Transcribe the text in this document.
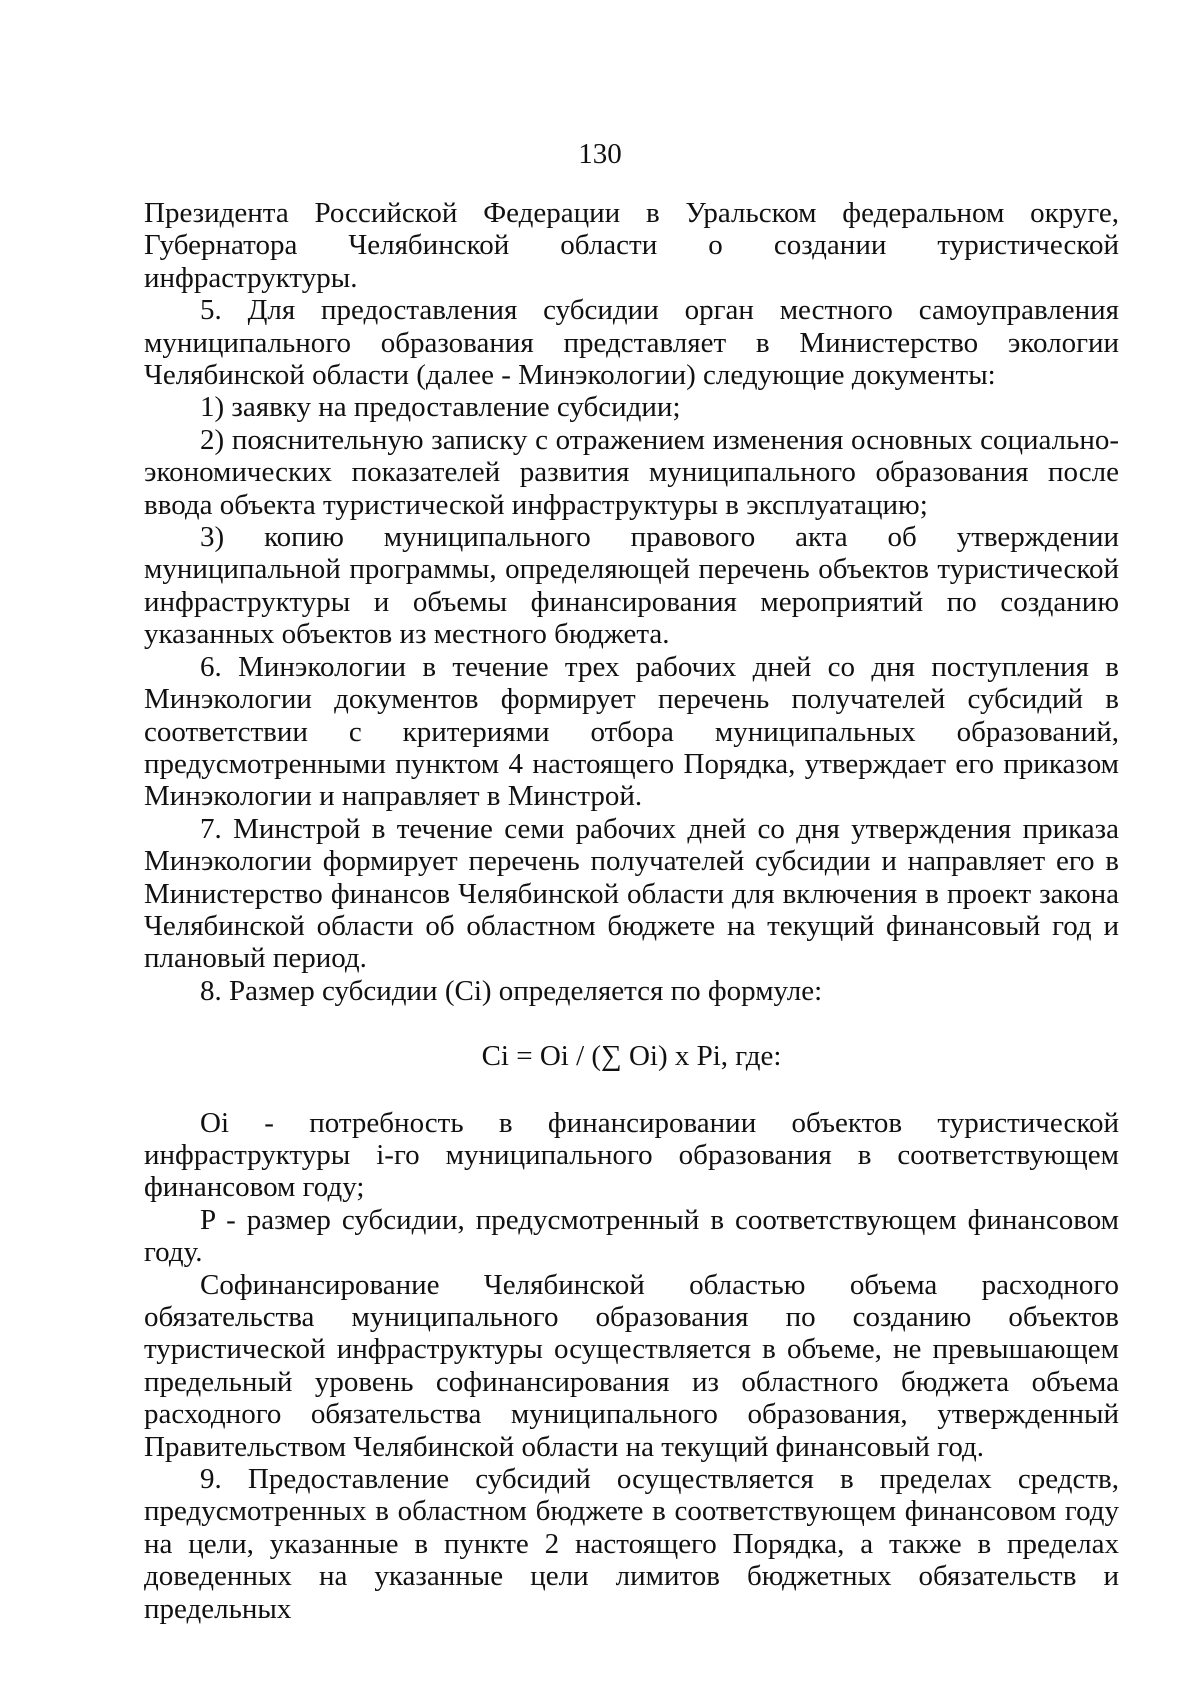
130

Президента Российской Федерации в Уральском федеральном округе, Губернатора Челябинской области о создании туристической инфраструктуры.

5. Для предоставления субсидии орган местного самоуправления муниципального образования представляет в Министерство экологии Челябинской области (далее - Минэкологии) следующие документы:

1) заявку на предоставление субсидии;

2) пояснительную записку с отражением изменения основных социально-экономических показателей развития муниципального образования после ввода объекта туристической инфраструктуры в эксплуатацию;

3) копию муниципального правового акта об утверждении муниципальной программы, определяющей перечень объектов туристической инфраструктуры и объемы финансирования мероприятий по созданию указанных объектов из местного бюджета.

6. Минэкологии в течение трех рабочих дней со дня поступления в Минэкологии документов формирует перечень получателей субсидий в соответствии с критериями отбора муниципальных образований, предусмотренными пунктом 4 настоящего Порядка, утверждает его приказом Минэкологии и направляет в Минстрой.

7. Минстрой в течение семи рабочих дней со дня утверждения приказа Минэкологии формирует перечень получателей субсидии и направляет его в Министерство финансов Челябинской области для включения в проект закона Челябинской области об областном бюджете на текущий финансовый год и плановый период.

8. Размер субсидии (Ci) определяется по формуле:

Ci = Oi / (∑ Oi) x Pi, где:

Oi - потребность в финансировании объектов туристической инфраструктуры i-го муниципального образования в соответствующем финансовом году;

P - размер субсидии, предусмотренный в соответствующем финансовом году.

Софинансирование Челябинской областью объема расходного обязательства муниципального образования по созданию объектов туристической инфраструктуры осуществляется в объеме, не превышающем предельный уровень софинансирования из областного бюджета объема расходного обязательства муниципального образования, утвержденный Правительством Челябинской области на текущий финансовый год.

9. Предоставление субсидий осуществляется в пределах средств, предусмотренных в областном бюджете в соответствующем финансовом году на цели, указанные в пункте 2 настоящего Порядка, а также в пределах доведенных на указанные цели лимитов бюджетных обязательств и предельных
